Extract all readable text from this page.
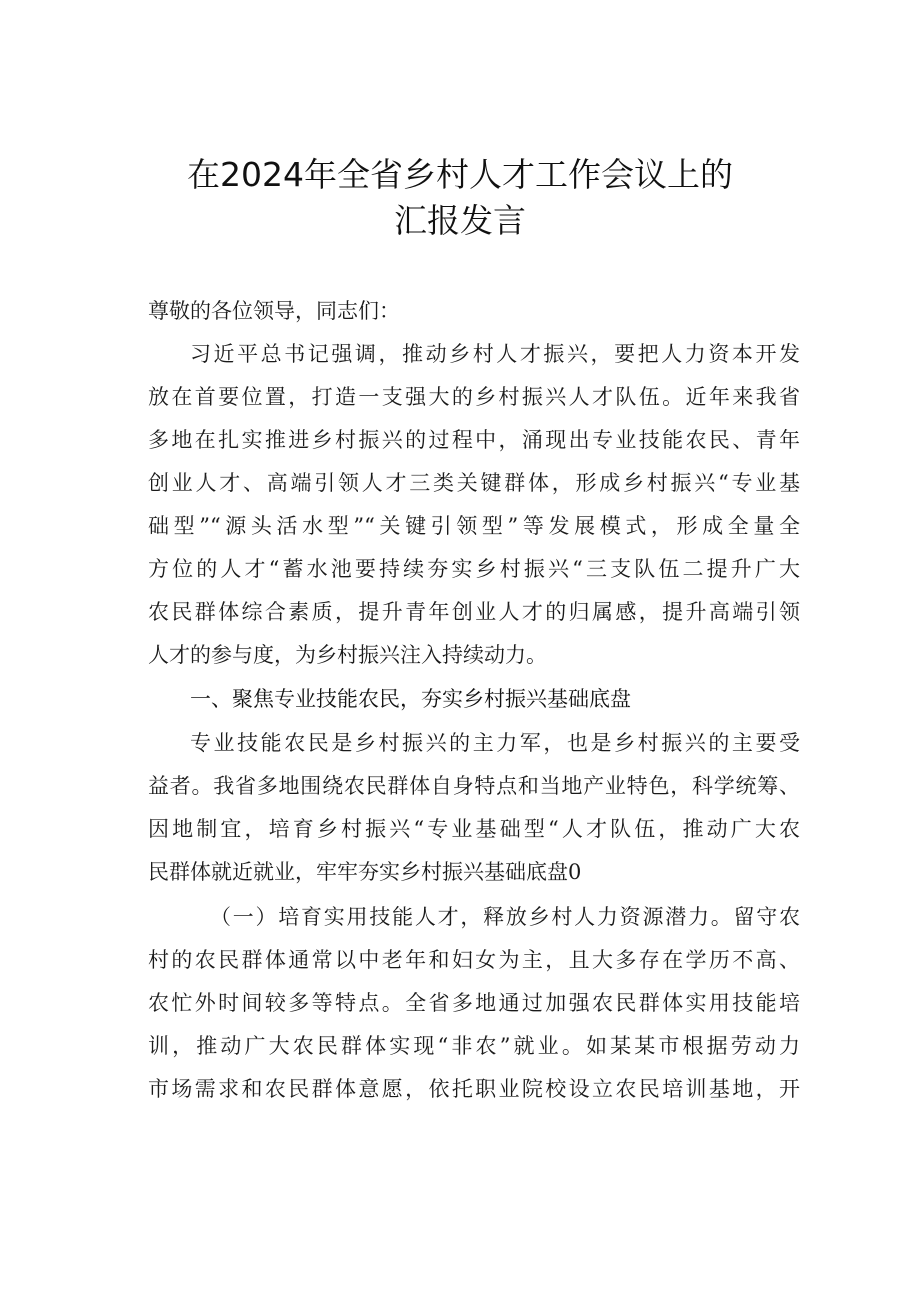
在2024年全省乡村人才工作会议上的
汇报发言
尊敬的各位领导，同志们：
习近平总书记强调，推动乡村人才振兴，要把人力资本开发
放在首要位置，打造一支强大的乡村振兴人才队伍。近年来我省
多地在扎实推进乡村振兴的过程中，涌现出专业技能农民、青年
创业人才、高端引领人才三类关键群体，形成乡村振兴“专业基
础型”“源头活水型”“关键引领型”等发展模式，形成全量全
方位的人才“蓄水池要持续夯实乡村振兴“三支队伍二提升广大
农民群体综合素质，提升青年创业人才的归属感，提升高端引领
人才的参与度，为乡村振兴注入持续动力。
一、聚焦专业技能农民，夯实乡村振兴基础底盘
专业技能农民是乡村振兴的主力军，也是乡村振兴的主要受
益者。我省多地围绕农民群体自身特点和当地产业特色，科学统筹、
因地制宜，培育乡村振兴“专业基础型“人才队伍，推动广大农
民群体就近就业，牢牢夯实乡村振兴基础底盘0
（一）培育实用技能人才，释放乡村人力资源潜力。留守农
村的农民群体通常以中老年和妇女为主，且大多存在学历不高、
农忙外时间较多等特点。全省多地通过加强农民群体实用技能培
训，推动广大农民群体实现“非农”就业。如某某市根据劳动力
市场需求和农民群体意愿，依托职业院校设立农民培训基地，开
